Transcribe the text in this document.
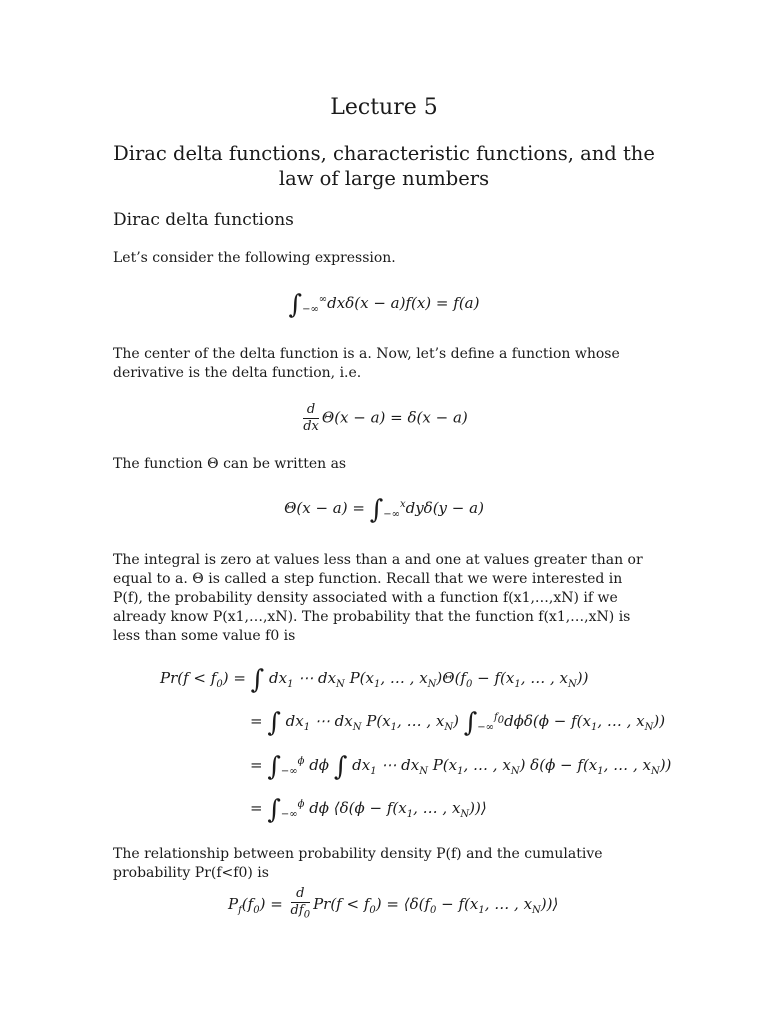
Lecture 5
Dirac delta functions, characteristic functions, and the law of large numbers
Dirac delta functions
Let’s consider the following expression.
$\int_{-\infty}^\infty dx\delta(x - a)f(x) = f(a)$
The center of the delta function is a. Now, let’s define a function whose derivative is the delta function, i.e.
$\frac{d}{dx} \Theta(x - a) = \delta(x - a)$
The function Θ can be written as
$\Theta(x - a) = \int_{-\infty}^xdy\delta(y - a)$
The integral is zero at values less than a and one at values greater than or equal to a. Θ is called a step function. Recall that we were interested in P(f), the probability density associated with a function f(x1,…,xN) if we already know P(x1,…,xN). The probability that the function f(x1,…,xN) is less than some value f0 is
$Pr(f < f_0)$ = ∫ $dx_1$ ⋯ $dx_N$ $P(x_1$, … , $x_N)\Theta(f_0 - f(x_1$, … , $x_N$))
= ∫ $dx_1$ ⋯ $dx_N$ $P(x_1$, … , $x_N$) $\int_{-\infty}^{f_0}d\phi\delta(\phi - f(x_1$, … , $x_N$))
= $\int_{-\infty}^\phi$ dϕ ∫ $dx_1$ ⋯ $dx_N$ $P(x_1$, … , $x_N$) $\delta(\phi - f(x_1$, … , $x_N$))
= $\int_{-\infty}^\phi$ dϕ ⟨δ(ϕ − $f(x_1$, … , $x_N))⟩$
The relationship between probability density P(f) and the cumulative probability Pr(f<f0) is
$P_f(f_0) = \frac{d}{df_0} Pr(f < f_0)$ = $⟨\delta(f_0 - f(x_1$, … , $x_N))⟩$
